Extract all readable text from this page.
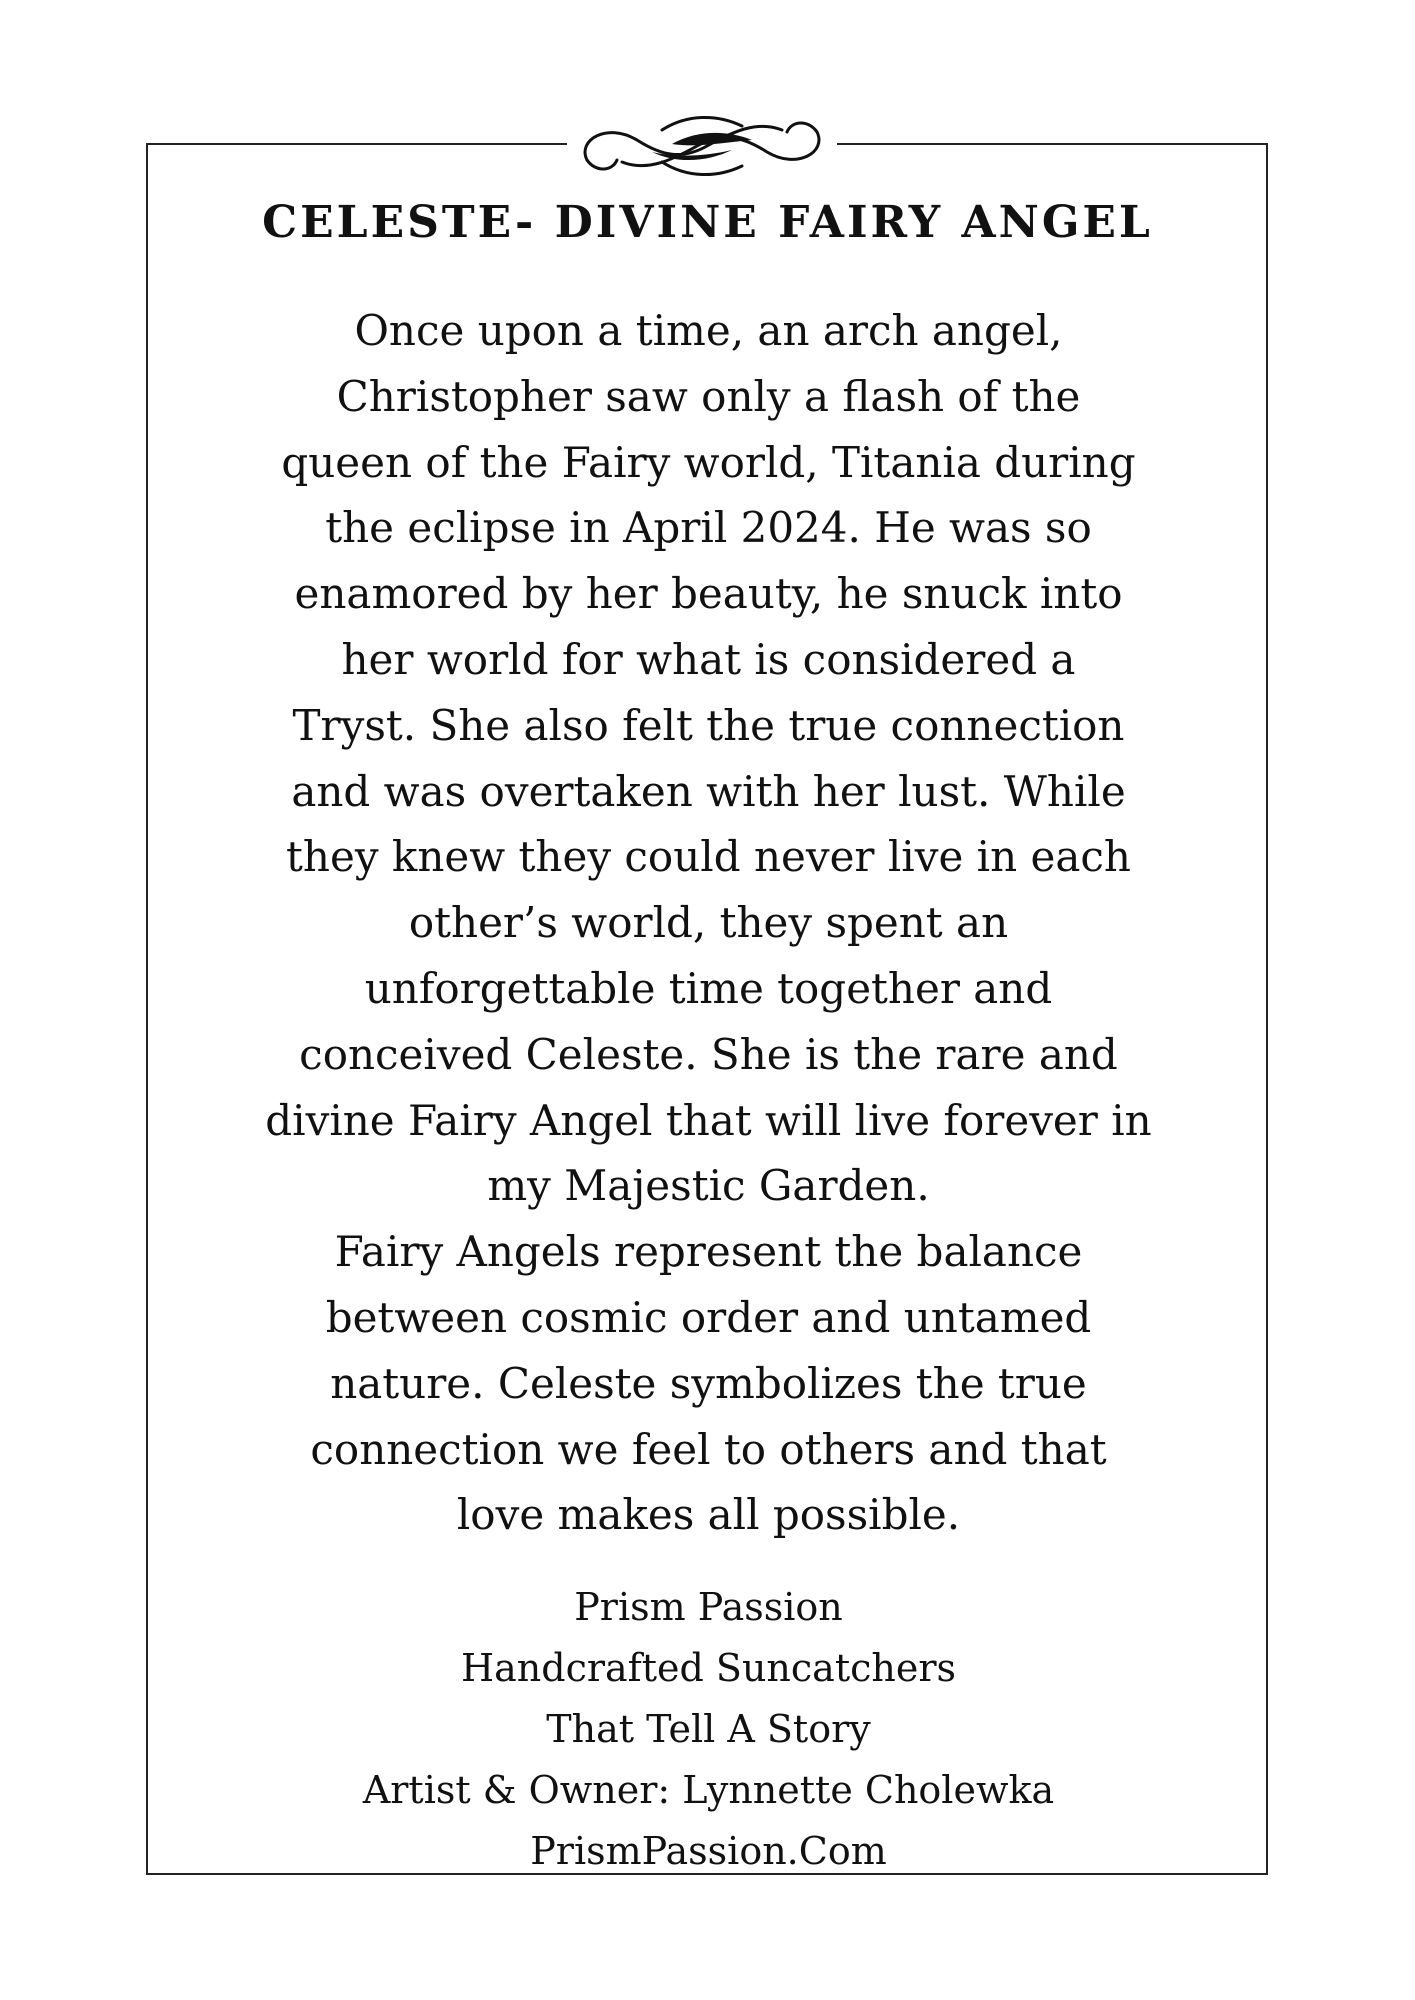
CELESTE- DIVINE FAIRY ANGEL
Once upon a time, an arch angel,
Christopher saw only a flash of the
queen of the Fairy world, Titania during
the eclipse in April 2024. He was so
enamored by her beauty, he snuck into
her world for what is considered a
Tryst. She also felt the true connection
and was overtaken with her lust. While
they knew they could never live in each
other’s world, they spent an
unforgettable time together and
conceived Celeste. She is the rare and
divine Fairy Angel that will live forever in
my Majestic Garden.
Fairy Angels represent the balance
between cosmic order and untamed
nature. Celeste symbolizes the true
connection we feel to others and that
love makes all possible.
Prism Passion
Handcrafted Suncatchers
That Tell A Story
Artist & Owner: Lynnette Cholewka
PrismPassion.Com
